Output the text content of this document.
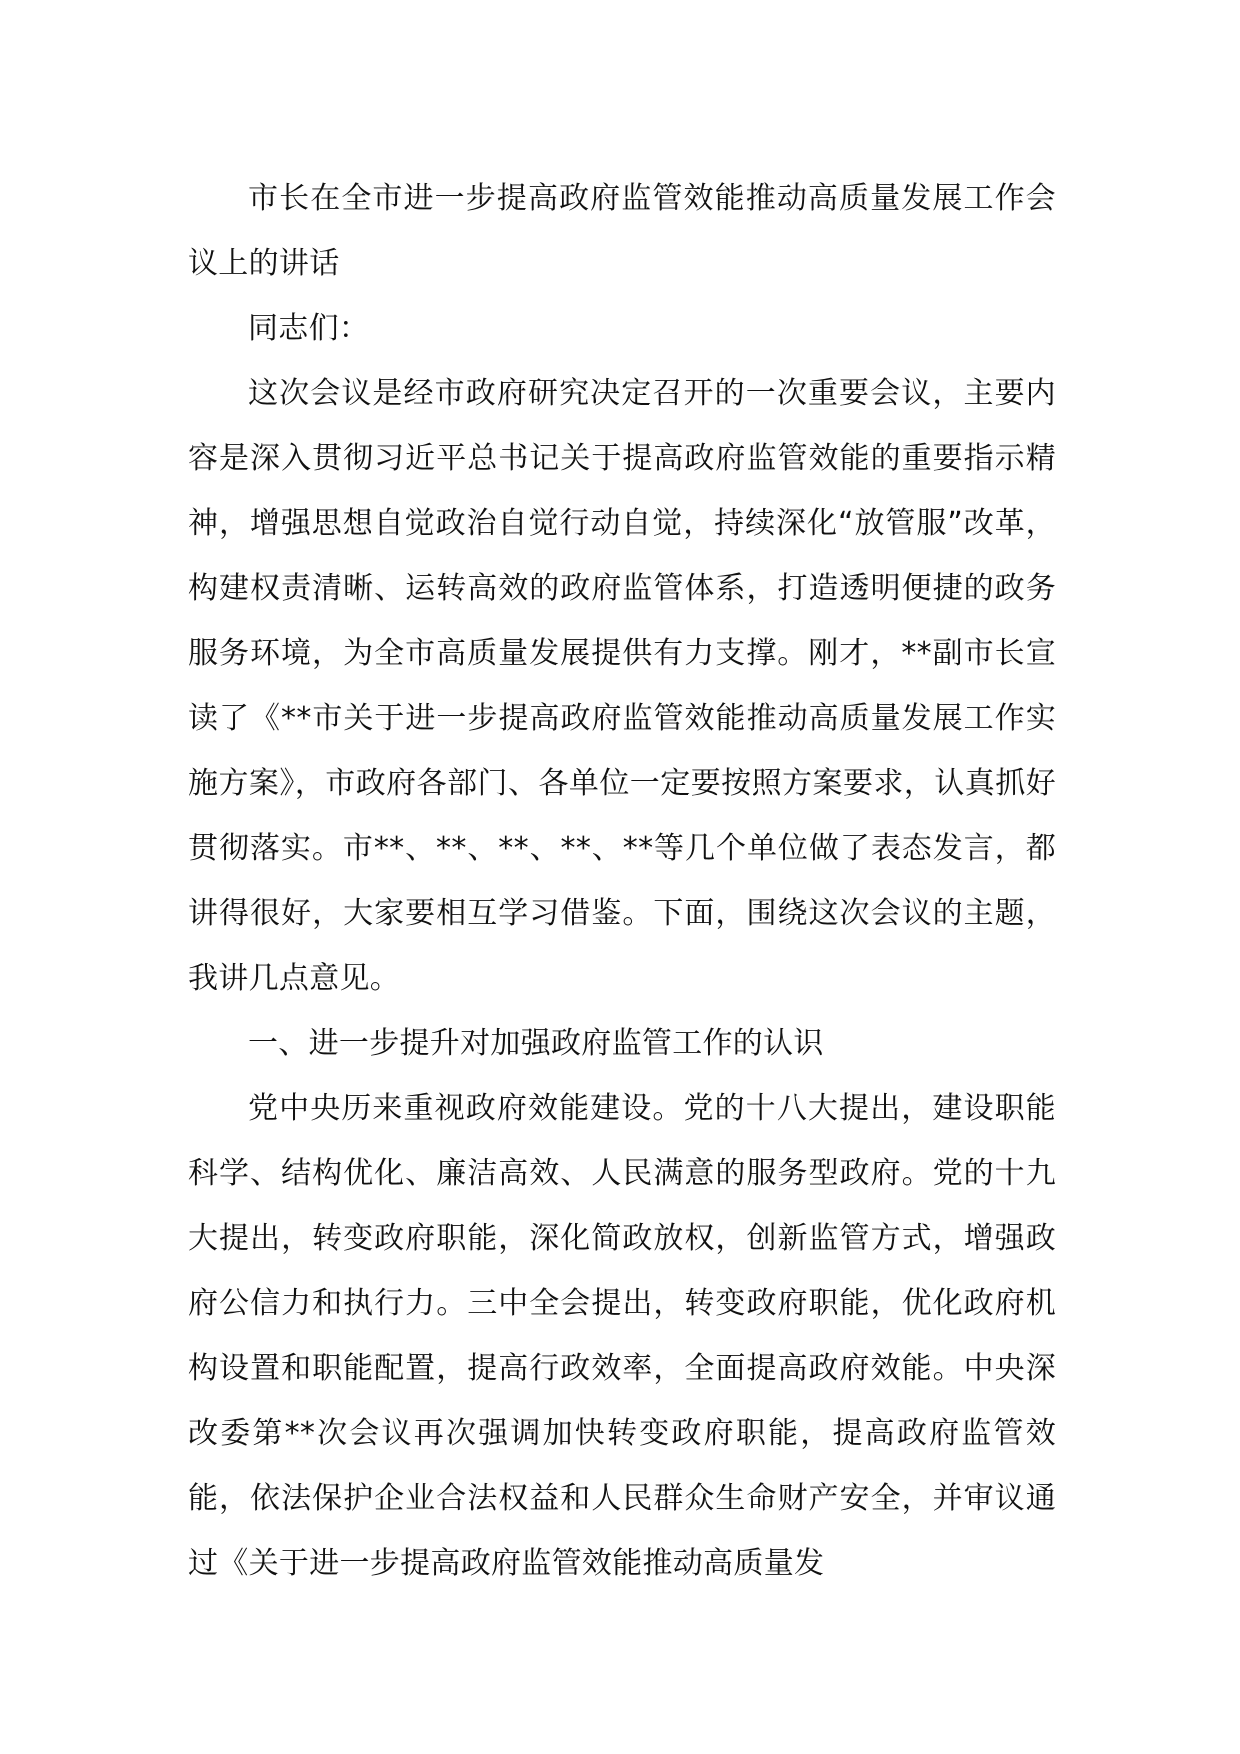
市长在全市进一步提高政府监管效能推动高质量发展工作会议上的讲话

同志们：

这次会议是经市政府研究决定召开的一次重要会议，主要内容是深入贯彻习近平总书记关于提高政府监管效能的重要指示精神，增强思想自觉政治自觉行动自觉，持续深化“放管服”改革，构建权责清晰、运转高效的政府监管体系，打造透明便捷的政务服务环境，为全市高质量发展提供有力支撑。刚才，**副市长宣读了《**市关于进一步提高政府监管效能推动高质量发展工作实施方案》，市政府各部门、各单位一定要按照方案要求，认真抓好贯彻落实。市**、**、**、**、**等几个单位做了表态发言，都讲得很好，大家要相互学习借鉴。下面，围绕这次会议的主题，我讲几点意见。

一、进一步提升对加强政府监管工作的认识

党中央历来重视政府效能建设。党的十八大提出，建设职能科学、结构优化、廉洁高效、人民满意的服务型政府。党的十九大提出，转变政府职能，深化简政放权，创新监管方式，增强政府公信力和执行力。三中全会提出，转变政府职能，优化政府机构设置和职能配置，提高行政效率，全面提高政府效能。中央深改委第**次会议再次强调加快转变政府职能，提高政府监管效能，依法保护企业合法权益和人民群众生命财产安全，并审议通过《关于进一步提高政府监管效能推动高质量发
